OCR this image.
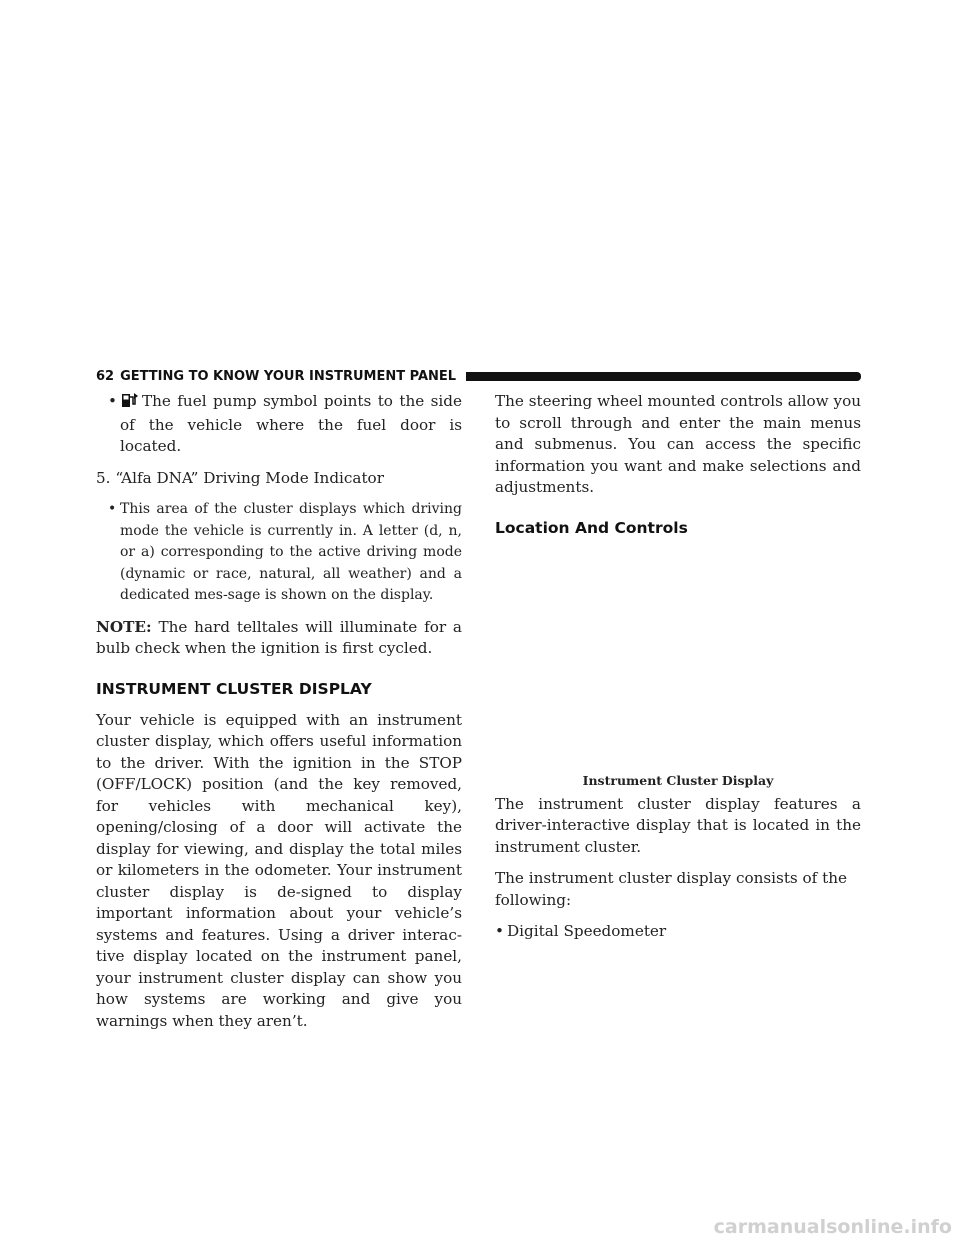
62 GETTING TO KNOW YOUR INSTRUMENT PANEL
•	The fuel pump symbol points to the side of the vehicle where the fuel door is located.

5. “Alfa DNA” Driving Mode Indicator

• This area of the cluster displays which driving mode the vehicle is currently in. A letter (d, n, or a) corresponding to the active driving mode (dynamic or race, natural, all weather) and a dedicated mes-sage is shown on the display.

NOTE: The hard telltales will illuminate for a bulb check when the ignition is first cycled.

INSTRUMENT CLUSTER DISPLAY

Your vehicle is equipped with an instrument cluster display, which offers useful information to the driver. With the ignition in the STOP (OFF/LOCK) position (and the key removed, for vehicles with mechanical key), opening/closing of a door will activate the display for viewing, and display the total miles or kilometers in the odometer. Your instrument cluster display is de-signed to display important information about your vehicle’s systems and features. Using a driver interac-tive display located on the instrument panel, your instrument cluster display can show you how systems are working and give you warnings when they aren’t.

The steering wheel mounted controls allow you to scroll through and enter the main menus and submenus. You can access the specific information you want and make selections and adjustments.

Location And Controls
Instrument Cluster Display

The instrument cluster display features a driver-interactive display that is located in the instrument cluster.

The instrument cluster display consists of the following:

• Digital Speedometer
carmanualsonline.info
